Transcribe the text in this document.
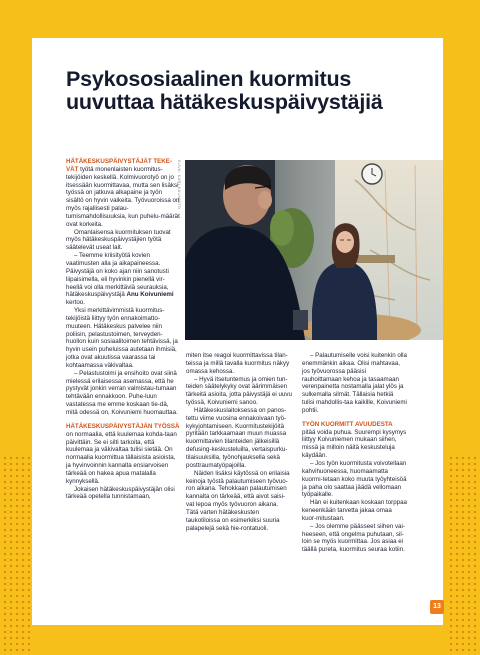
Psykososiaalinen kuormitus uuvuttaa hätäkeskuspäivystäjiä
KUVA: KARI KAUNISTO

HÄTÄKESKUSPÄIVYSTÄJÄT TEKE-VÄT työtä monenlaisten kuormitus-tekijöiden keskellä. Kolmivuorotyö on jo itsessään kuormittavaa, mutta sen lisäksi työssä on jatkuva alkapaine ja työn sisältö on hyvin vaikeita. Työvuoroissa on myös rajallisesti palau-tumismahdollisuuksia, kun puhelu-määrät ovat korkeita.

Omanlaisensa kuormituksen tuovat myös hätäkeskuspäivystäjien työtä säätelevät useat lait.

– Teemme kriisityötä kovien vaatimusten alla ja aikapaineessa. Päivystäjä on koko ajan niin sanotusti liipaisimella, eli hyvinkin pienellä vir-heellä voi olla merkittäviä seurauksia, hätäkeskuspäivystäjä Anu Koivuniemi kertoo.

Yksi merkittävimmistä kuormitus-tekijöistä liittyy työn ennakoimatto-muuteen. Hätäkeskus palvelee niin poliisin, pelastustoimen, terveyden-huollon kuin sosiaalitoimen tehtävissä, ja hyvin usein puheluissa autetaan ihmisiä, jotka ovat akuutissa vaarassa tai kohtaamassa väkivaltaa.

– Pelastustoimi ja ensihoito ovat siinä mielessä erilaisessa asemassa, että he pystyvät jonkin verran valmistau-tumaan tehtävään ennakkoon. Puhe-luun vastatessa me emme koskaan tie-dä, mitä odessä on, Koivuniemi huomauttaa.

HÄTÄKESKUSPÄIVYSTÄJÄN TYÖSSÄ

on normaalia, että kuulemaa kohda-taan päivittäin. Se ei silti tarkoita, että kuulemaa ja väkivaltaa tulisi sietää. On normaalia kuormittua tällaisista asioista, ja hyvinvoinnin kannalta ensiarvoisen tärkeää on hakea apua matalalla kynnyksellä.

Jokaisen hätäkeskuspäivystäjän olisi tärkeää opetella tunnistamaan,

miten itse reagoi kuormittavissa tilan-teissa ja millä tavalla kuormitus näkyy omassa kehossa.

– Hyvä itsetuntemus ja omien tun-teiden säätelykyky ovat äärimmäisen tärkeitä asioita, jotta päivystäjä ei uuvu työssä, Koivuniemi sanoo.

Hätäkeskuslaitoksessa on panos-tettu viime vuosina ennakoivaan työ-kykyjohtamiseen. Kuormitustekijöitä pyritään tarkkaamaan muun muassa kuormittavien tilanteiden jälkeisillä defusing-keskusteluilla, vertaispurku-tilaisuuksilla, työnohjauksella sekä posttraumatyöpajoilla.

Näiden lisäksi käytössä on erilaisia keinoja työstä palautumiseen työvuo-ron aikana. Tehokkaan palautumisen kannalta on tärkeää, että aivot saisi-vat lepoa myös työvuoron aikana. Tätä varten hätäkeskusten taukotiloissa on esimerkiksi suuria palapelejä sekä hie-rontatuoli.

– Palautumiselle voisi kuitenkin olla enemmänkin aikaa. Olisi mahtavaa, jos työvuorossa pääsisi rauhoittamaan kehoa ja tasaamaan verenpainetta nostamalla jalat ylös ja sulkemalla silmät. Tällaisia hetkiä tulisi mahdollis-taa kaikille, Koivuniemi pohtii.

TYÖN KUORMITT AVUUDESTA pitää voida puhua. Suurempi kysymys liittyy Koivuniemen mukaan siihen, missä ja milloin näitä keskusteluja käydään.

– Jos työn kuormitusta voivotellaan kahvihuoneessa, huomaamatta kuormi-tetaan koko muuta työyhteisöä ja paha olo saattaa jäädä vellomaan työpaikalle.

Hän ei kuitenkaan koskaan torppaa keneenkään tarvetta jakaa omaa kuor-mitustaan.

– Jos olemme päässeet siihen vai-heeseen, että ongelma puhutaan, sil-loin se myös kuormittaa. Jos asiaa ei täällä pureta, kuormitus seuraa kotiin.

13
